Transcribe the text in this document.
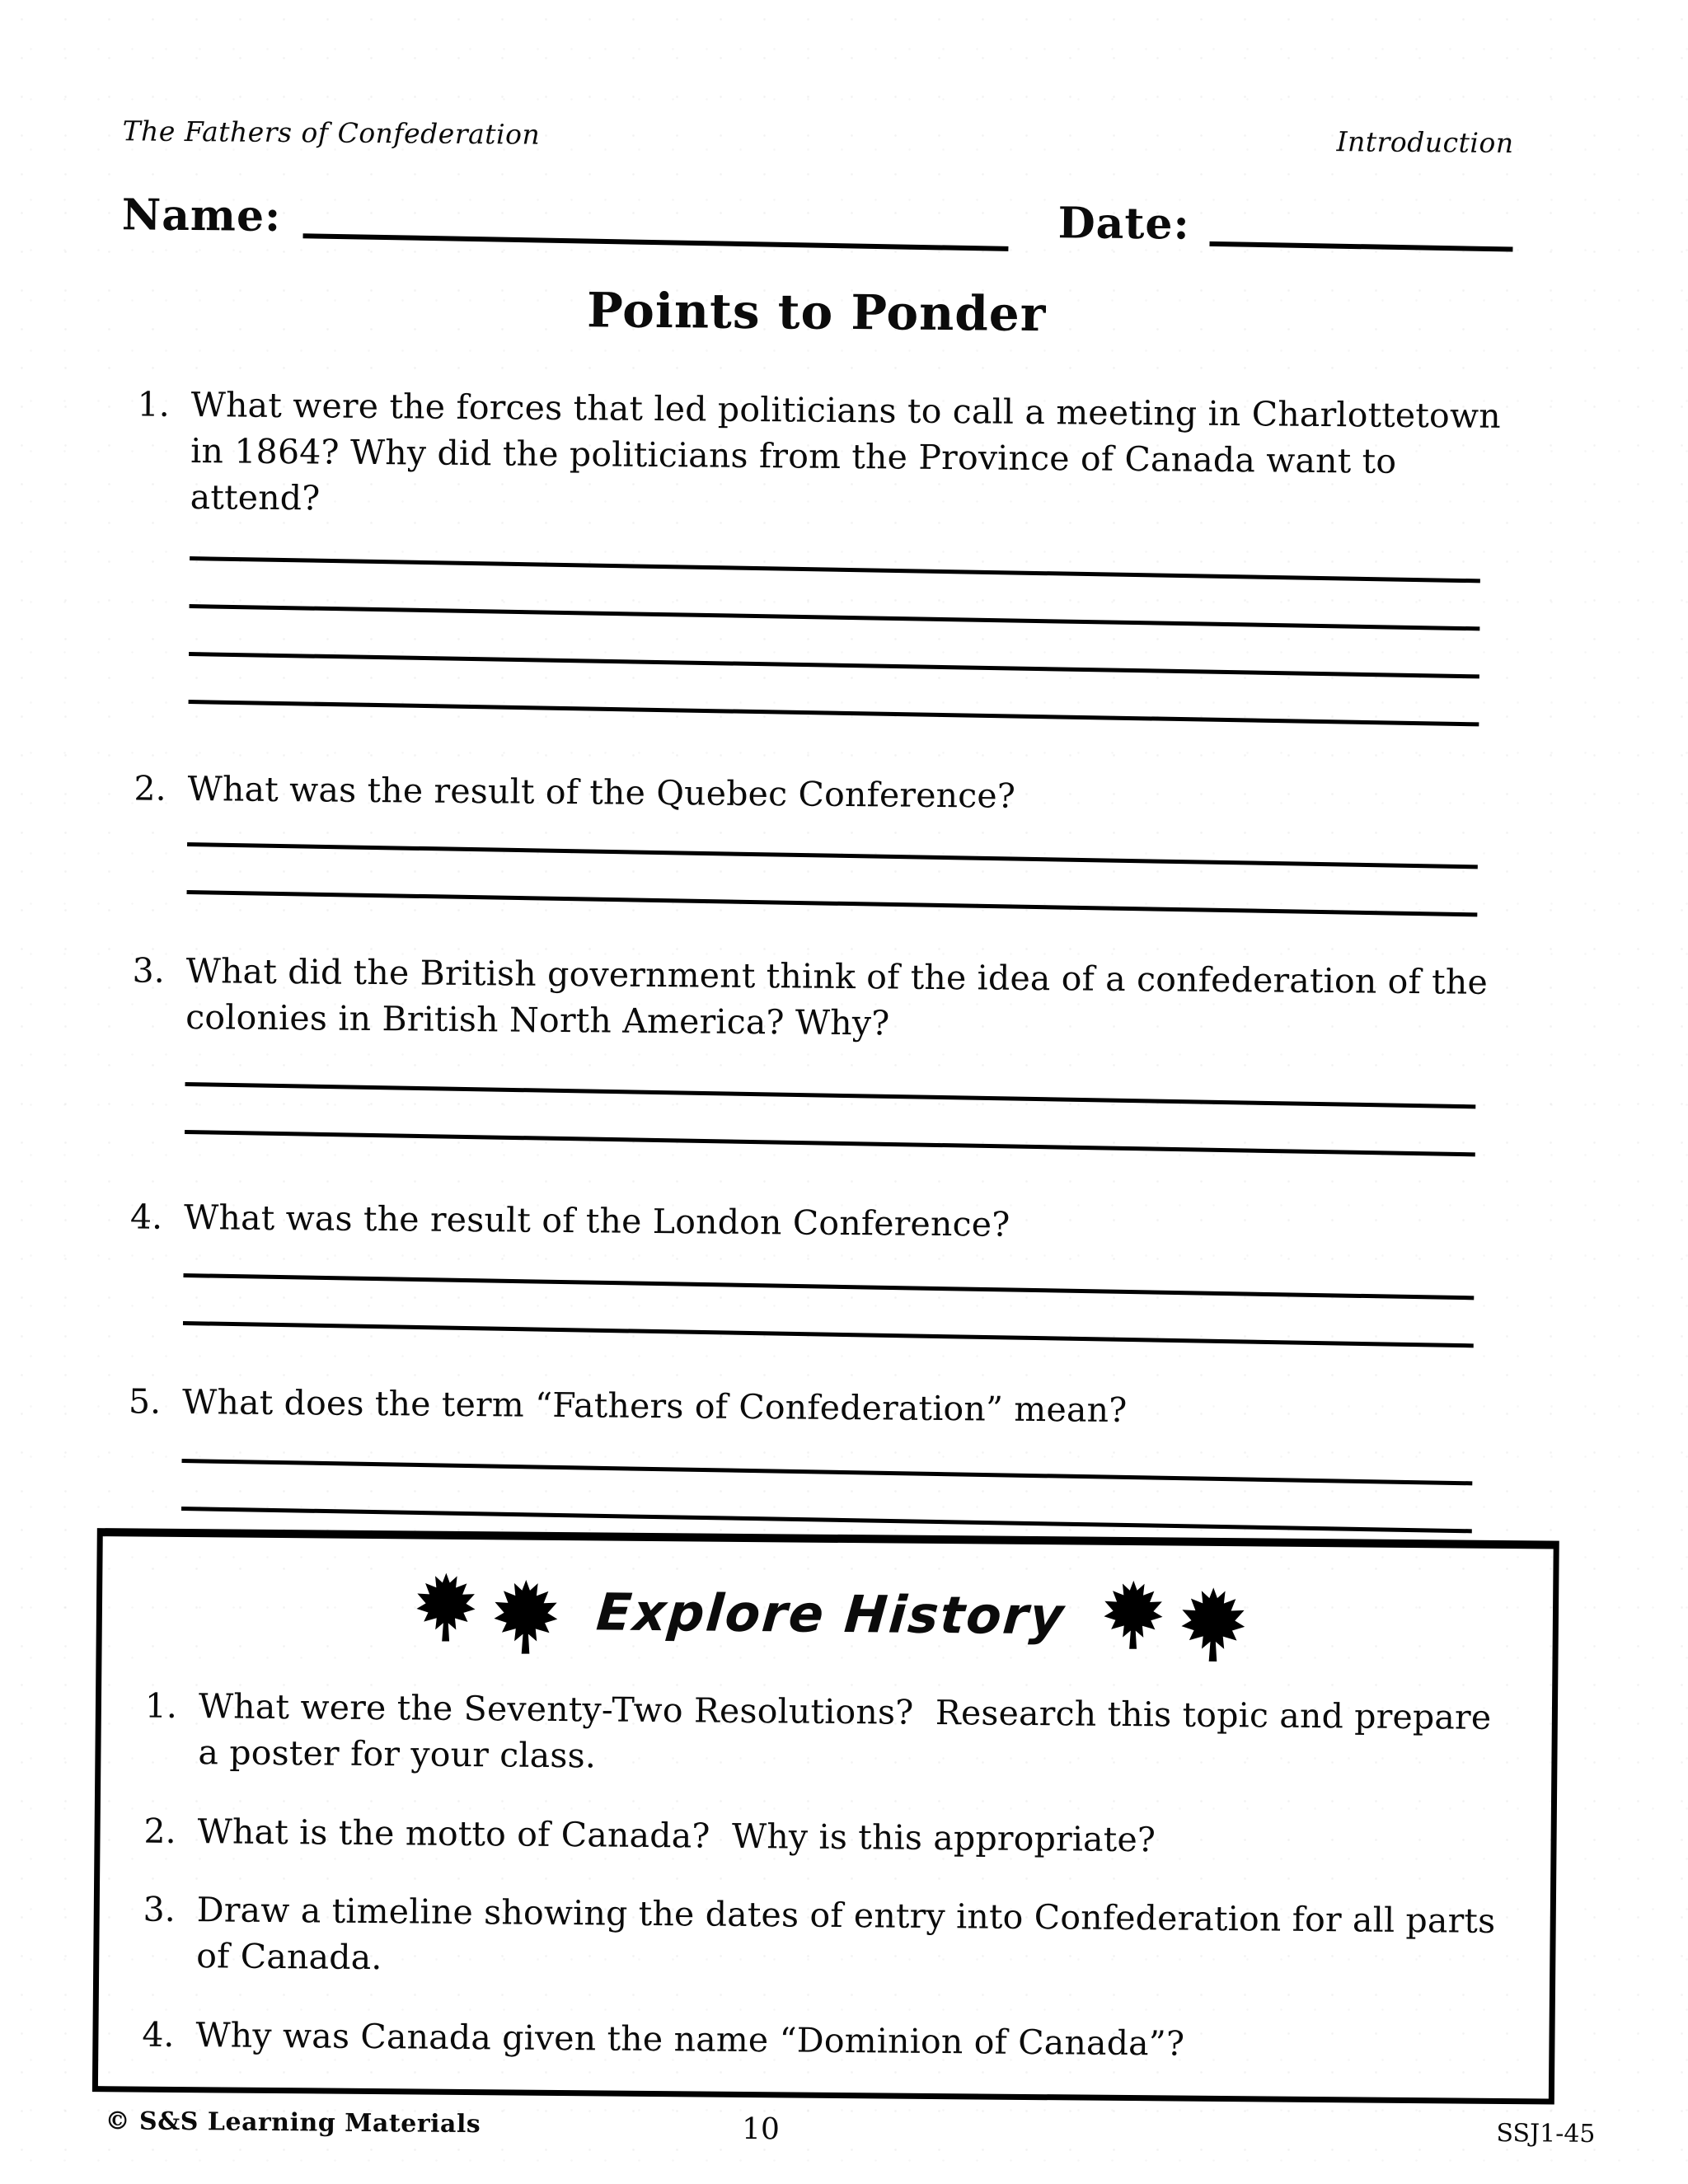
The Fathers of Confederation	Introduction
Name:	Date:
Points to Ponder
1. What were the forces that led politicians to call a meeting in Charlottetown in 1864? Why did the politicians from the Province of Canada want to attend?
2. What was the result of the Quebec Conference?
3. What did the British government think of the idea of a confederation of the colonies in British North America? Why?
4. What was the result of the London Conference?
5. What does the term “Fathers of Confederation” mean?
Explore History
1. What were the Seventy-Two Resolutions?  Research this topic and prepare a poster for your class.
2. What is the motto of Canada?  Why is this appropriate?
3. Draw a timeline showing the dates of entry into Confederation for all parts of Canada.
4. Why was Canada given the name “Dominion of Canada”?
© S&S Learning Materials	10	SSJ1-45
